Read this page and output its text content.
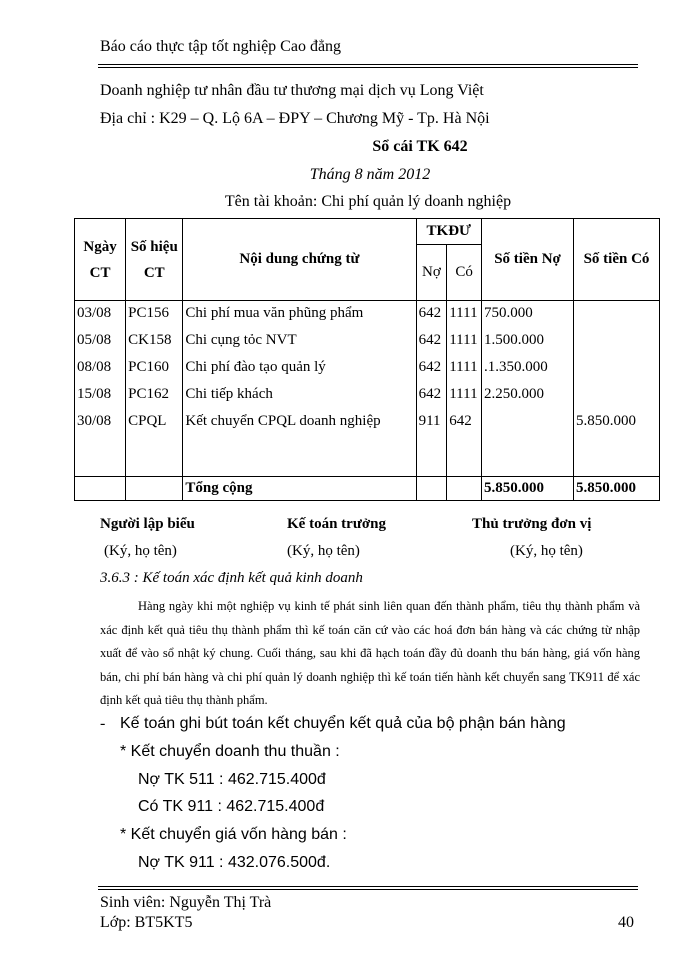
Báo cáo thực tập tốt nghiệp Cao đẳng
Doanh nghiệp tư nhân đầu tư thương mại dịch vụ Long Việt
Địa chỉ : K29 – Q. Lộ 6A – ĐPY – Chương Mỹ - Tp. Hà Nội
Sổ cái TK 642
Tháng 8 năm 2012
Tên tài khoản: Chi phí quản lý doanh nghiệp
Ngày CT	Số hiệu CT	Nội dung chứng từ	TKĐƯ		Số tiền Nợ	Số tiền Có
			Nợ	Có		
03/08	PC156	Chi phí mua văn phũng phẩm	642	1111	750.000	
05/08	CK158	Chi cụng tỏc NVT	642	1111	1.500.000	
08/08	PC160	Chi phí đào tạo quản lý	642	1111	.1.350.000	
15/08	PC162	Chi tiếp khách	642	1111	2.250.000	
30/08	CPQL	Kết chuyển CPQL doanh nghiệp	911	642		5.850.000
		Tổng cộng			5.850.000	5.850.000
Người lập biểu	Kế toán trưởng	Thủ trưởng đơn vị
(Ký, họ tên)	(Ký, họ tên)	(Ký, họ tên)
3.6.3 : Kế toán xác định kết quả kinh doanh
Hàng ngày khi một nghiệp vụ kinh tế phát sinh liên quan đến thành phẩm, tiêu thụ thành phẩm và xác định kết quả tiêu thụ thành phẩm thì kế toán căn cứ vào các hoá đơn bán hàng và các chứng từ nhập xuất để vào sổ nhật ký chung. Cuối tháng, sau khi đã hạch toán đầy đủ doanh thu bán hàng, giá vốn hàng bán, chi phí bán hàng và chi phí quản lý doanh nghiệp thì kế toán tiến hành kết chuyển sang TK911 để xác định kết quả tiêu thụ thành phẩm.
- Kế toán ghi bút toán kết chuyển kết quả của bộ phận bán hàng
* Kết chuyển doanh thu thuần :
Nợ TK 511 : 462.715.400đ
Có TK 911 : 462.715.400đ
* Kết chuyển giá vốn hàng bán :
Nợ TK 911 : 432.076.500đ.
Sinh viên: Nguyễn Thị Trà
Lớp: BT5KT5	40
